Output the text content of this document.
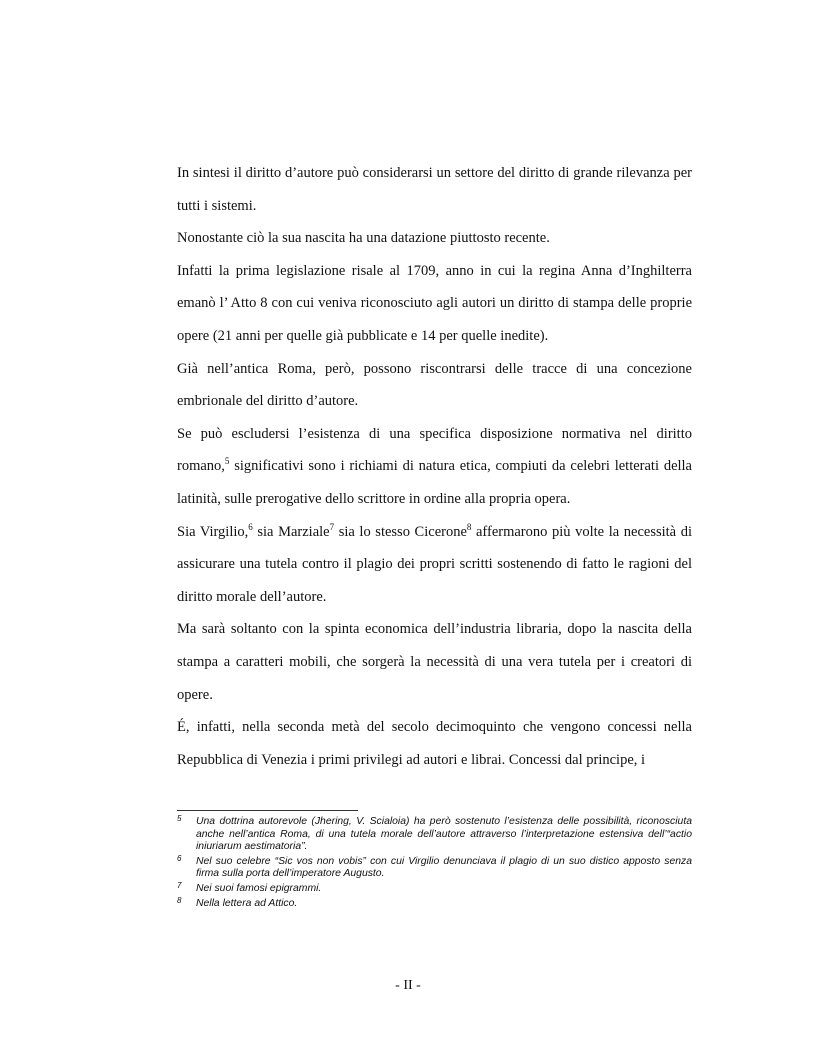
In sintesi il diritto d’autore può considerarsi un settore del diritto di grande rilevanza per tutti i sistemi.

Nonostante ciò la sua nascita ha una datazione piuttosto recente.

Infatti la prima legislazione risale al 1709, anno in cui la regina Anna d’Inghilterra emanò l’ Atto 8 con cui veniva riconosciuto agli autori un diritto di stampa delle proprie opere (21 anni per quelle già pubblicate e 14 per quelle inedite).

Già nell’antica Roma, però, possono riscontrarsi delle tracce di una concezione embrionale del diritto d’autore.

Se può escludersi l’esistenza di una specifica disposizione normativa nel diritto romano,$^5$ significativi sono i richiami di natura etica, compiuti da celebri letterati della latinità, sulle prerogative dello scrittore in ordine alla propria opera.

Sia Virgilio,$^6$ sia Marziale$^7$ sia lo stesso Cicerone$^8$ affermarono più volte la necessità di assicurare una tutela contro il plagio dei propri scritti sostenendo di fatto le ragioni del diritto morale dell’autore.

Ma sarà soltanto con la spinta economica dell’industria libraria, dopo la nascita della stampa a caratteri mobili, che sorgerà la necessità di una vera tutela per i creatori di opere.

É, infatti, nella seconda metà del secolo decimoquinto che vengono concessi nella Repubblica di Venezia i primi privilegi ad autori e librai. Concessi dal principe, i

5 Una dottrina autorevole (Jhering, V. Scialoia) ha però sostenuto l’esistenza delle possibilità, riconosciuta anche nell’antica Roma, di una tutela morale dell’autore attraverso l’interpretazione estensiva dell’“actio iniuriarum aestimatoria”.
6 Nel suo celebre “Sic vos non vobis” con cui Virgilio denunciava il plagio di un suo distico apposto senza firma sulla porta dell’imperatore Augusto.
7 Nei suoi famosi epigrammi.
8 Nella lettera ad Attico.
- II -
